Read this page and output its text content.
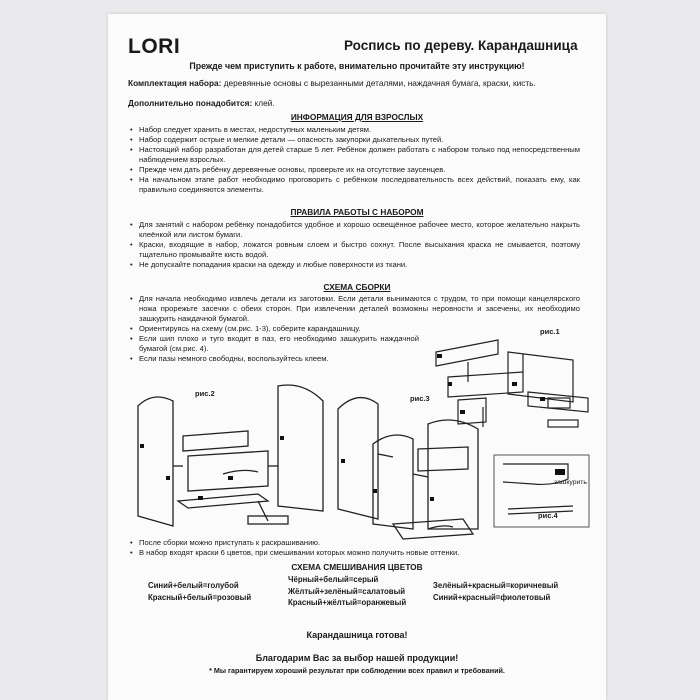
LORI	Роспись по дереву. Карандашница
Прежде чем приступить к работе, внимательно прочитайте эту инструкцию!
Комплектация набора: деревянные основы с вырезанными деталями, наждачная бумага, краски, кисть.
Дополнительно понадобится: клей.
ИНФОРМАЦИЯ ДЛЯ ВЗРОСЛЫХ
• Набор следует хранить в местах, недоступных маленьким детям.
• Набор содержит острые и мелкие детали — опасность закупорки дыхательных путей.
• Настоящий набор разработан для детей старше 5 лет. Ребёнок должен работать с набором только под непосредственным наблюдением взрослых.
• Прежде чем дать ребёнку деревянные основы, проверьте их на отсутствие заусенцев.
• На начальном этапе работ необходимо проговорить с ребёнком последовательность всех действий, показать ему, как правильно соединяются элементы.
ПРАВИЛА РАБОТЫ С НАБОРОМ
• Для занятий с набором ребёнку понадобится удобное и хорошо освещённое рабочее место, которое желательно накрыть клеёнкой или листом бумаги.
• Краски, входящие в набор, ложатся ровным слоем и быстро сохнут. После высыхания краска не смывается, поэтому тщательно промывайте кисть водой.
• Не допускайте попадания краски на одежду и любые поверхности из ткани.
СХЕМА СБОРКИ
• Для начала необходимо извлечь детали из заготовки. Если детали вынимаются с трудом, то при помощи канцелярского ножа прорежьте засечки с обеих сторон. При извлечении деталей возможны неровности и засечены, их необходимо зашкурить наждачной бумагой.
• Ориентируясь на схему (см.рис. 1-3), соберите карандашницу.
• Если шип плохо и туго входит в паз, его необходимо зашкурить наждачной бумагой (см.рис. 4).
• Если пазы немного свободны, воспользуйтесь клеем.
рис.1
рис.2
рис.3
зашкурить
рис.4
• После сборки можно приступать к раскрашиванию.
• В набор входят краски 6 цветов, при смешивании которых можно получить новые оттенки.
СХЕМА СМЕШИВАНИЯ ЦВЕТОВ
Синий+белый=голубой
Красный+белый=розовый
Чёрный+белый=серый
Жёлтый+зелёный=салатовый
Красный+жёлтый=оранжевый
Зелёный+красный=коричневый
Синий+красный=фиолетовый
Карандашница готова!
Благодарим Вас за выбор нашей продукции!
* Мы гарантируем хороший результат при соблюдении всех правил и требований.
